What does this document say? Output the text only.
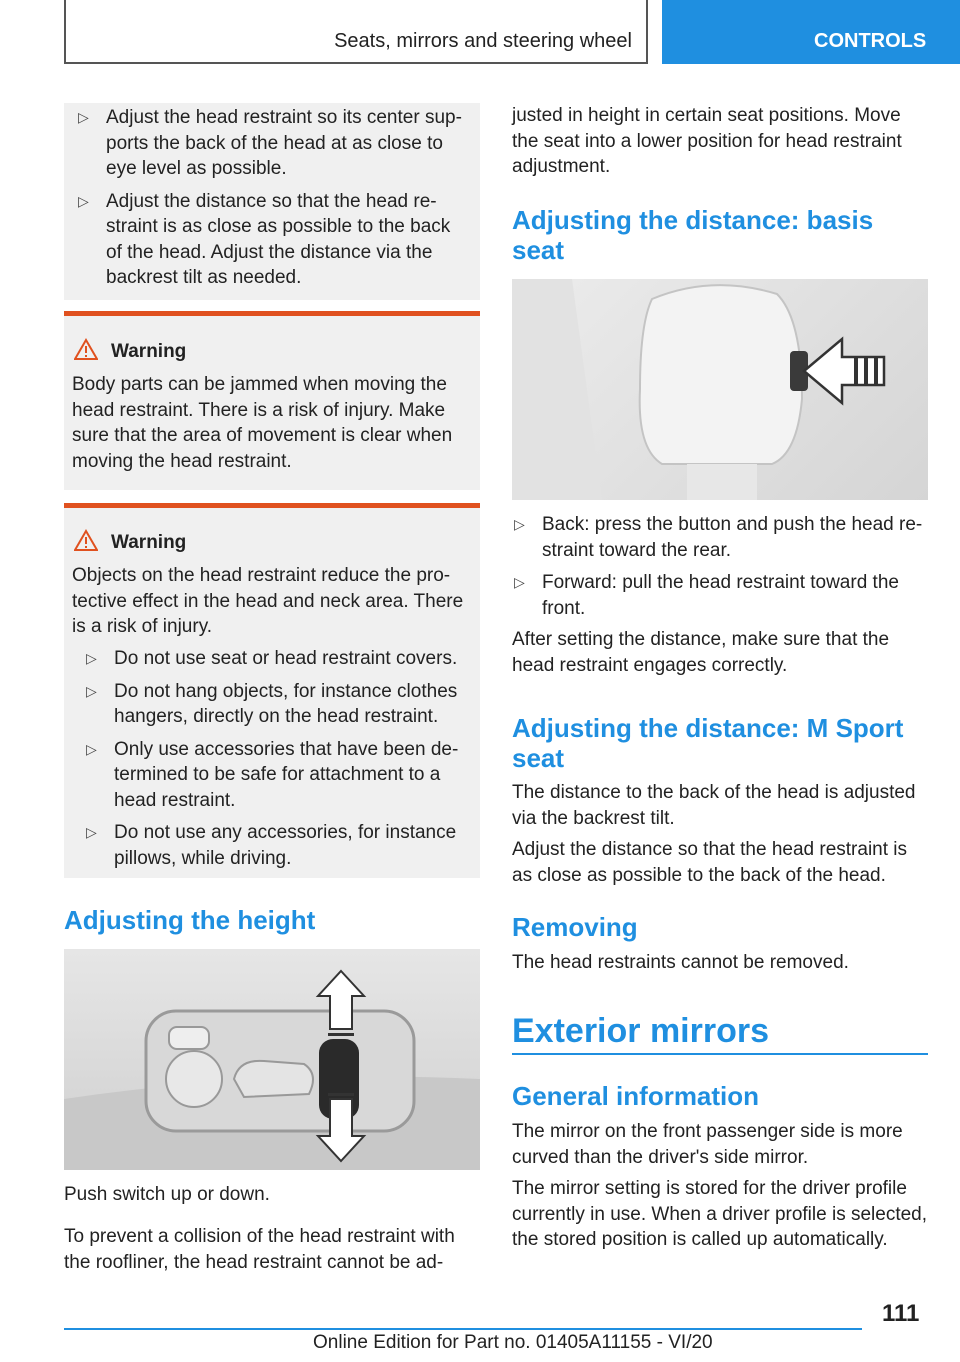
Seats, mirrors and steering wheel	CONTROLS
▷ Adjust the head restraint so its center sup-
ports the back of the head at as close to
eye level as possible.
▷ Adjust the distance so that the head re-
straint is as close as possible to the back
of the head. Adjust the distance via the
backrest tilt as needed.
Warning

Body parts can be jammed when moving the
head restraint. There is a risk of injury. Make
sure that the area of movement is clear when
moving the head restraint.

Warning

Objects on the head restraint reduce the pro-
tective effect in the head and neck area. There
is a risk of injury.

▷ Do not use seat or head restraint covers.
▷ Do not hang objects, for instance clothes
hangers, directly on the head restraint.
▷ Only use accessories that have been de-
termined to be safe for attachment to a
head restraint.
▷ Do not use any accessories, for instance
pillows, while driving.
Adjusting the height

Push switch up or down.

To prevent a collision of the head restraint with
the roofliner, the head restraint cannot be ad-

justed in height in certain seat positions. Move
the seat into a lower position for head restraint
adjustment.

Adjusting the distance: basis
seat
▷ Back: press the button and push the head re-
straint toward the rear.
▷ Forward: pull the head restraint toward the
front.

After setting the distance, make sure that the
head restraint engages correctly.

Adjusting the distance: M Sport
seat

The distance to the back of the head is adjusted
via the backrest tilt.

Adjust the distance so that the head restraint is
as close as possible to the back of the head.

Removing

The head restraints cannot be removed.

Exterior mirrors
General information

The mirror on the front passenger side is more
curved than the driver's side mirror.

The mirror setting is stored for the driver profile
currently in use. When a driver profile is selected,
the stored position is called up automatically.

111
Online Edition for Part no. 01405A11155 - VI/20
